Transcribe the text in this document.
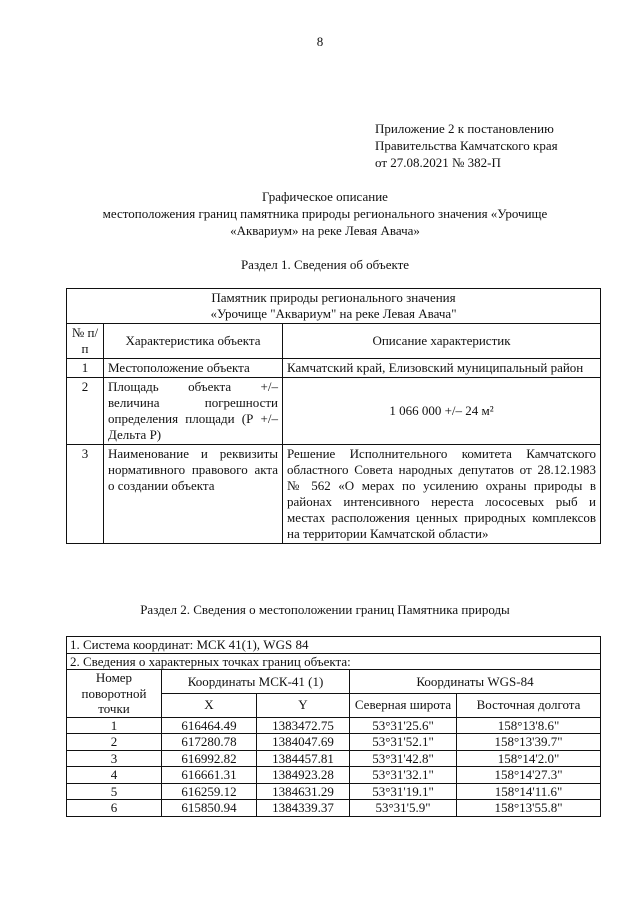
8
Приложение 2 к постановлению
Правительства Камчатского края
от 27.08.2021 № 382-П
Графическое описание
местоположения границ памятника природы регионального значения «Урочище
«Аквариум» на реке Левая Авача»
Раздел 1. Сведения об объекте
Памятник природы регионального значения
«Урочище "Аквариум" на реке Левая Авача"		

№ п/п	Характеристика объекта	Описание характеристик
1	Местоположение объекта	Камчатский край, Елизовский муниципальный район
2	Площадь объекта +/– величина погрешности определения площади (Р +/– Дельта Р)	1 066 000 +/– 24 м²
3	Наименование и реквизиты нормативного правового акта о создании объекта	Решение Исполнительного комитета Камчатского областного Совета народных депутатов от 28.12.1983 № 562 «О мерах по усилению охраны природы в районах интенсивного нереста лососевых рыб и местах расположения ценных природных комплексов на территории Камчатской области»
Раздел 2. Сведения о местоположении границ Памятника природы
1. Система координат: МСК 41(1), WGS 84				
2. Сведения о характерных точках границ объекта:				
Номер поворотной точки	Координаты МСК-41 (1)		Координаты WGS-84	
	X	Y	Северная широта	Восточная долгота
1	616464.49	1383472.75	53°31'25.6"	158°13'8.6"
2	617280.78	1384047.69	53°31'52.1"	158°13'39.7"
3	616992.82	1384457.81	53°31'42.8"	158°14'2.0"
4	616661.31	1384923.28	53°31'32.1"	158°14'27.3"
5	616259.12	1384631.29	53°31'19.1"	158°14'11.6"
6	615850.94	1384339.37	53°31'5.9"	158°13'55.8"
